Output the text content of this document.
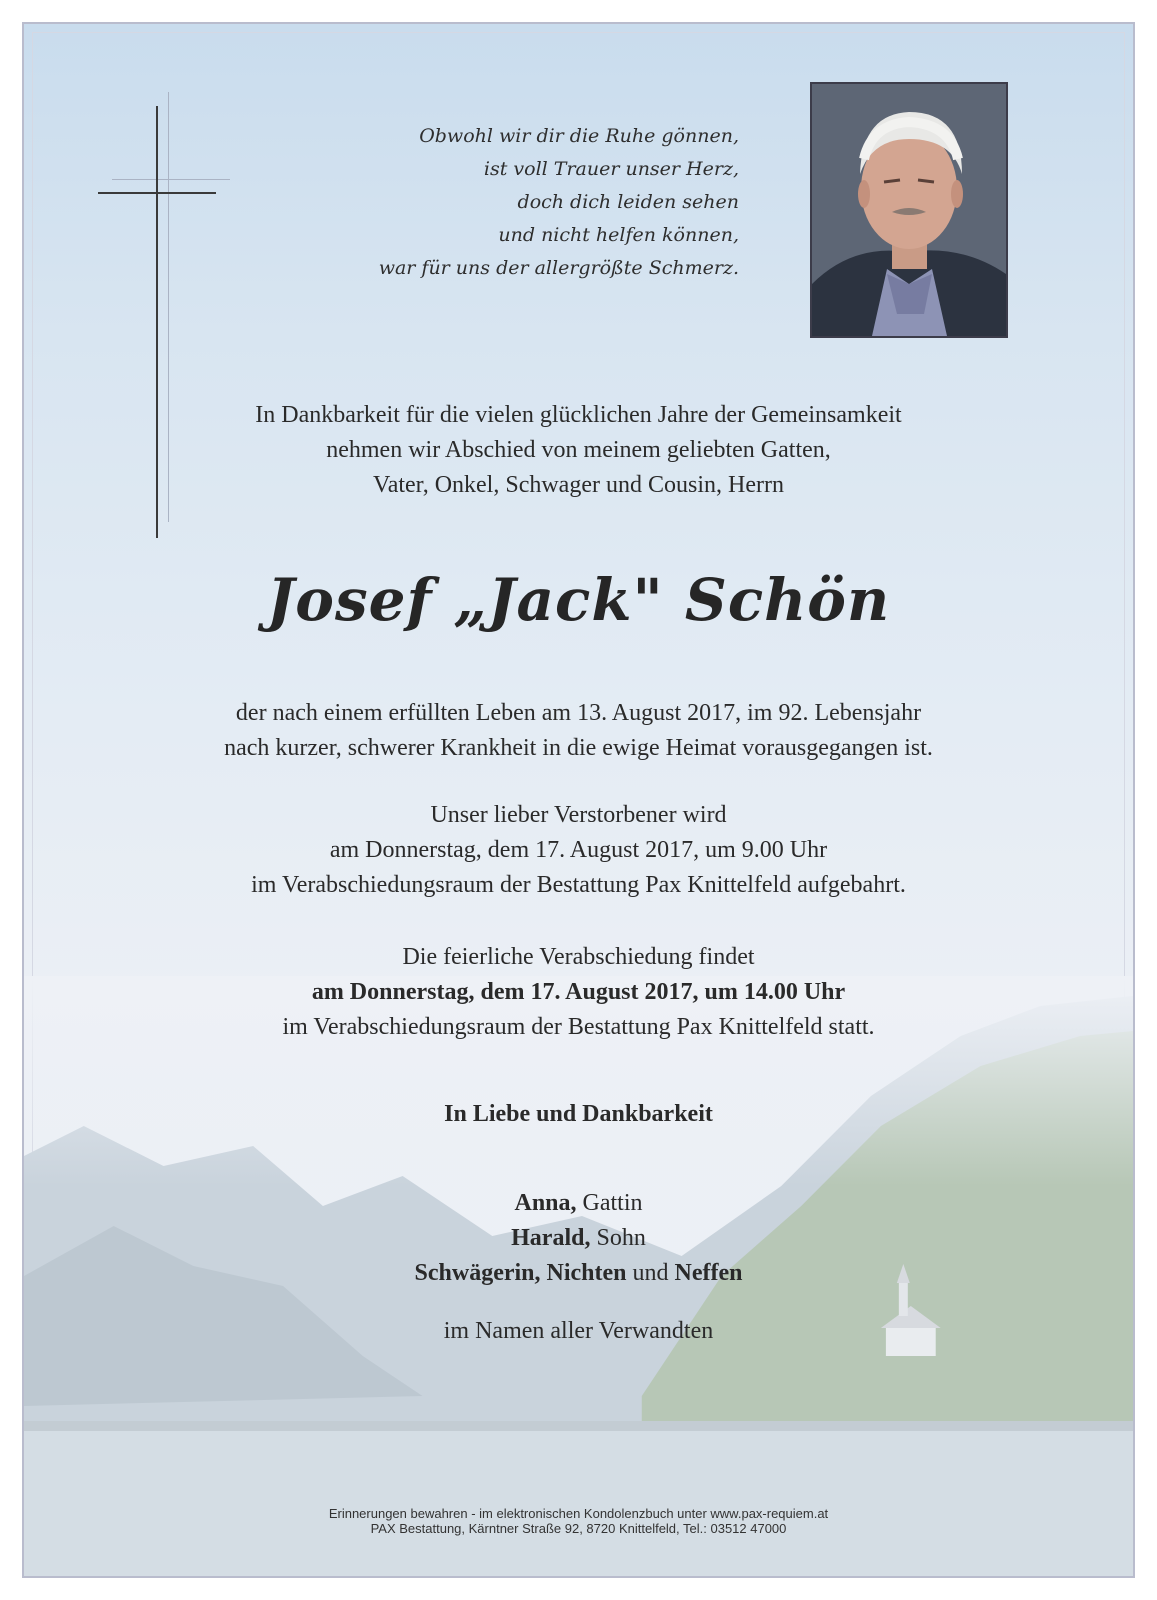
Obwohl wir dir die Ruhe gönnen,
ist voll Trauer unser Herz,
doch dich leiden sehen
und nicht helfen können,
war für uns der allergrößte Schmerz.
In Dankbarkeit für die vielen glücklichen Jahre der Gemeinsamkeit
nehmen wir Abschied von meinem geliebten Gatten,
Vater, Onkel, Schwager und Cousin, Herrn
Josef „Jack" Schön
der nach einem erfüllten Leben am 13. August 2017, im 92. Lebensjahr
nach kurzer, schwerer Krankheit in die ewige Heimat vorausgegangen ist.
Unser lieber Verstorbener wird
am Donnerstag, dem 17. August 2017, um 9.00 Uhr
im Verabschiedungsraum der Bestattung Pax Knittelfeld aufgebahrt.
Die feierliche Verabschiedung findet
am Donnerstag, dem 17. August 2017, um 14.00 Uhr
im Verabschiedungsraum der Bestattung Pax Knittelfeld statt.
In Liebe und Dankbarkeit
Anna, Gattin
Harald, Sohn
Schwägerin, Nichten und Neffen
im Namen aller Verwandten
Erinnerungen bewahren - im elektronischen Kondolenzbuch unter www.pax-requiem.at
PAX Bestattung, Kärntner Straße 92, 8720 Knittelfeld, Tel.: 03512 47000
